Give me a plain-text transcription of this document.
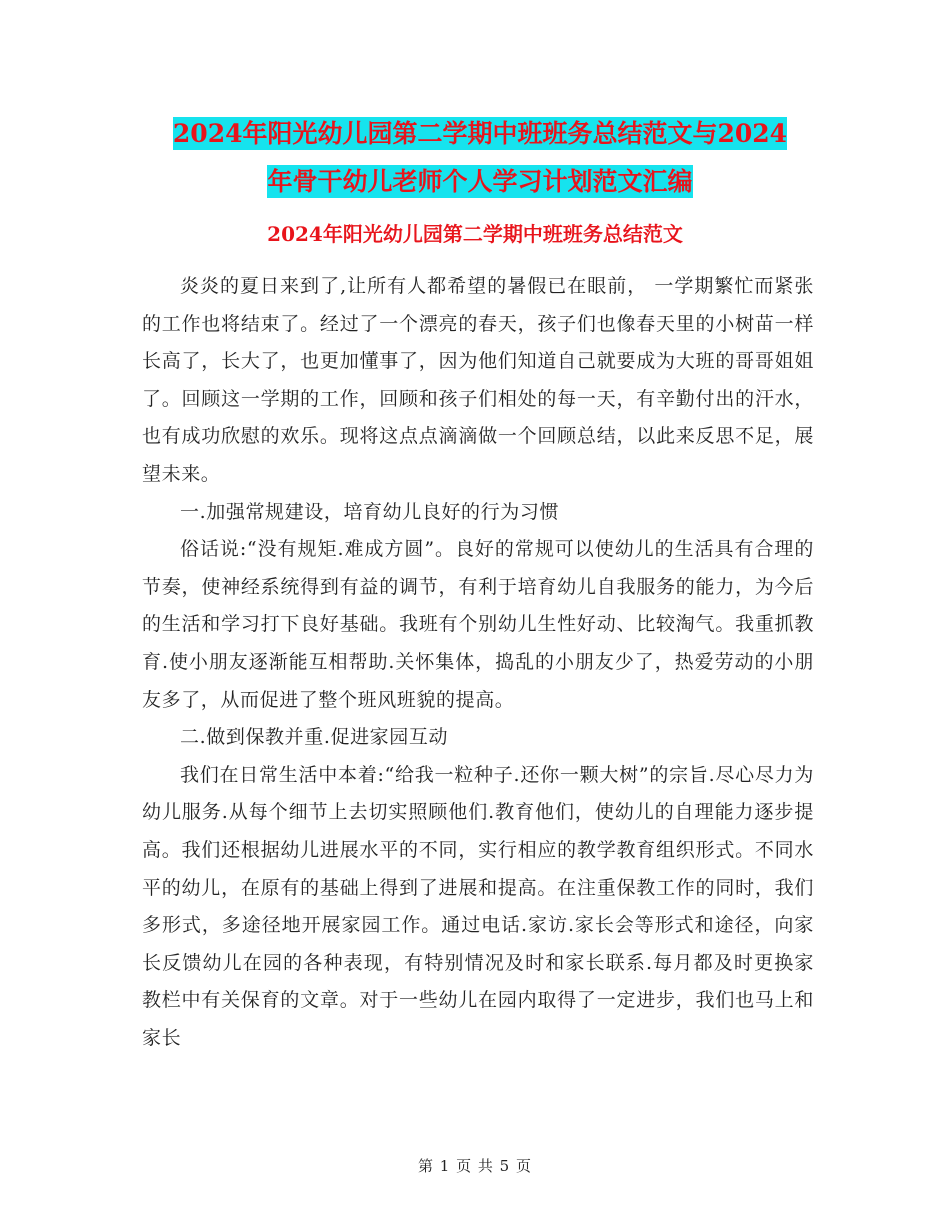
2024年阳光幼儿园第二学期中班班务总结范文与2024
年骨干幼儿老师个人学习计划范文汇编
2024年阳光幼儿园第二学期中班班务总结范文

炎炎的夏日来到了,让所有人都希望的暑假已在眼前， 一学期繁忙而紧张的工作也将结束了。经过了一个漂亮的春天，孩子们也像春天里的小树苗一样长高了，长大了，也更加懂事了，因为他们知道自己就要成为大班的哥哥姐姐了。回顾这一学期的工作，回顾和孩子们相处的每一天，有辛勤付出的汗水，也有成功欣慰的欢乐。现将这点点滴滴做一个回顾总结，以此来反思不足，展望未来。

一.加强常规建设，培育幼儿良好的行为习惯

俗话说:“没有规矩.难成方圆”。良好的常规可以使幼儿的生活具有合理的节奏，使神经系统得到有益的调节，有利于培育幼儿自我服务的能力，为今后的生活和学习打下良好基础。我班有个别幼儿生性好动、比较淘气。我重抓教育.使小朋友逐渐能互相帮助.关怀集体，捣乱的小朋友少了，热爱劳动的小朋友多了，从而促进了整个班风班貌的提高。

二.做到保教并重.促进家园互动

我们在日常生活中本着:“给我一粒种子.还你一颗大树”的宗旨.尽心尽力为幼儿服务.从每个细节上去切实照顾他们.教育他们，使幼儿的自理能力逐步提高。我们还根据幼儿进展水平的不同，实行相应的教学教育组织形式。不同水平的幼儿，在原有的基础上得到了进展和提高。在注重保教工作的同时，我们多形式，多途径地开展家园工作。通过电话.家访.家长会等形式和途径，向家长反馈幼儿在园的各种表现，有特别情况及时和家长联系.每月都及时更换家教栏中有关保育的文章。对于一些幼儿在园内取得了一定进步，我们也马上和家长

第 1 页 共 5 页
